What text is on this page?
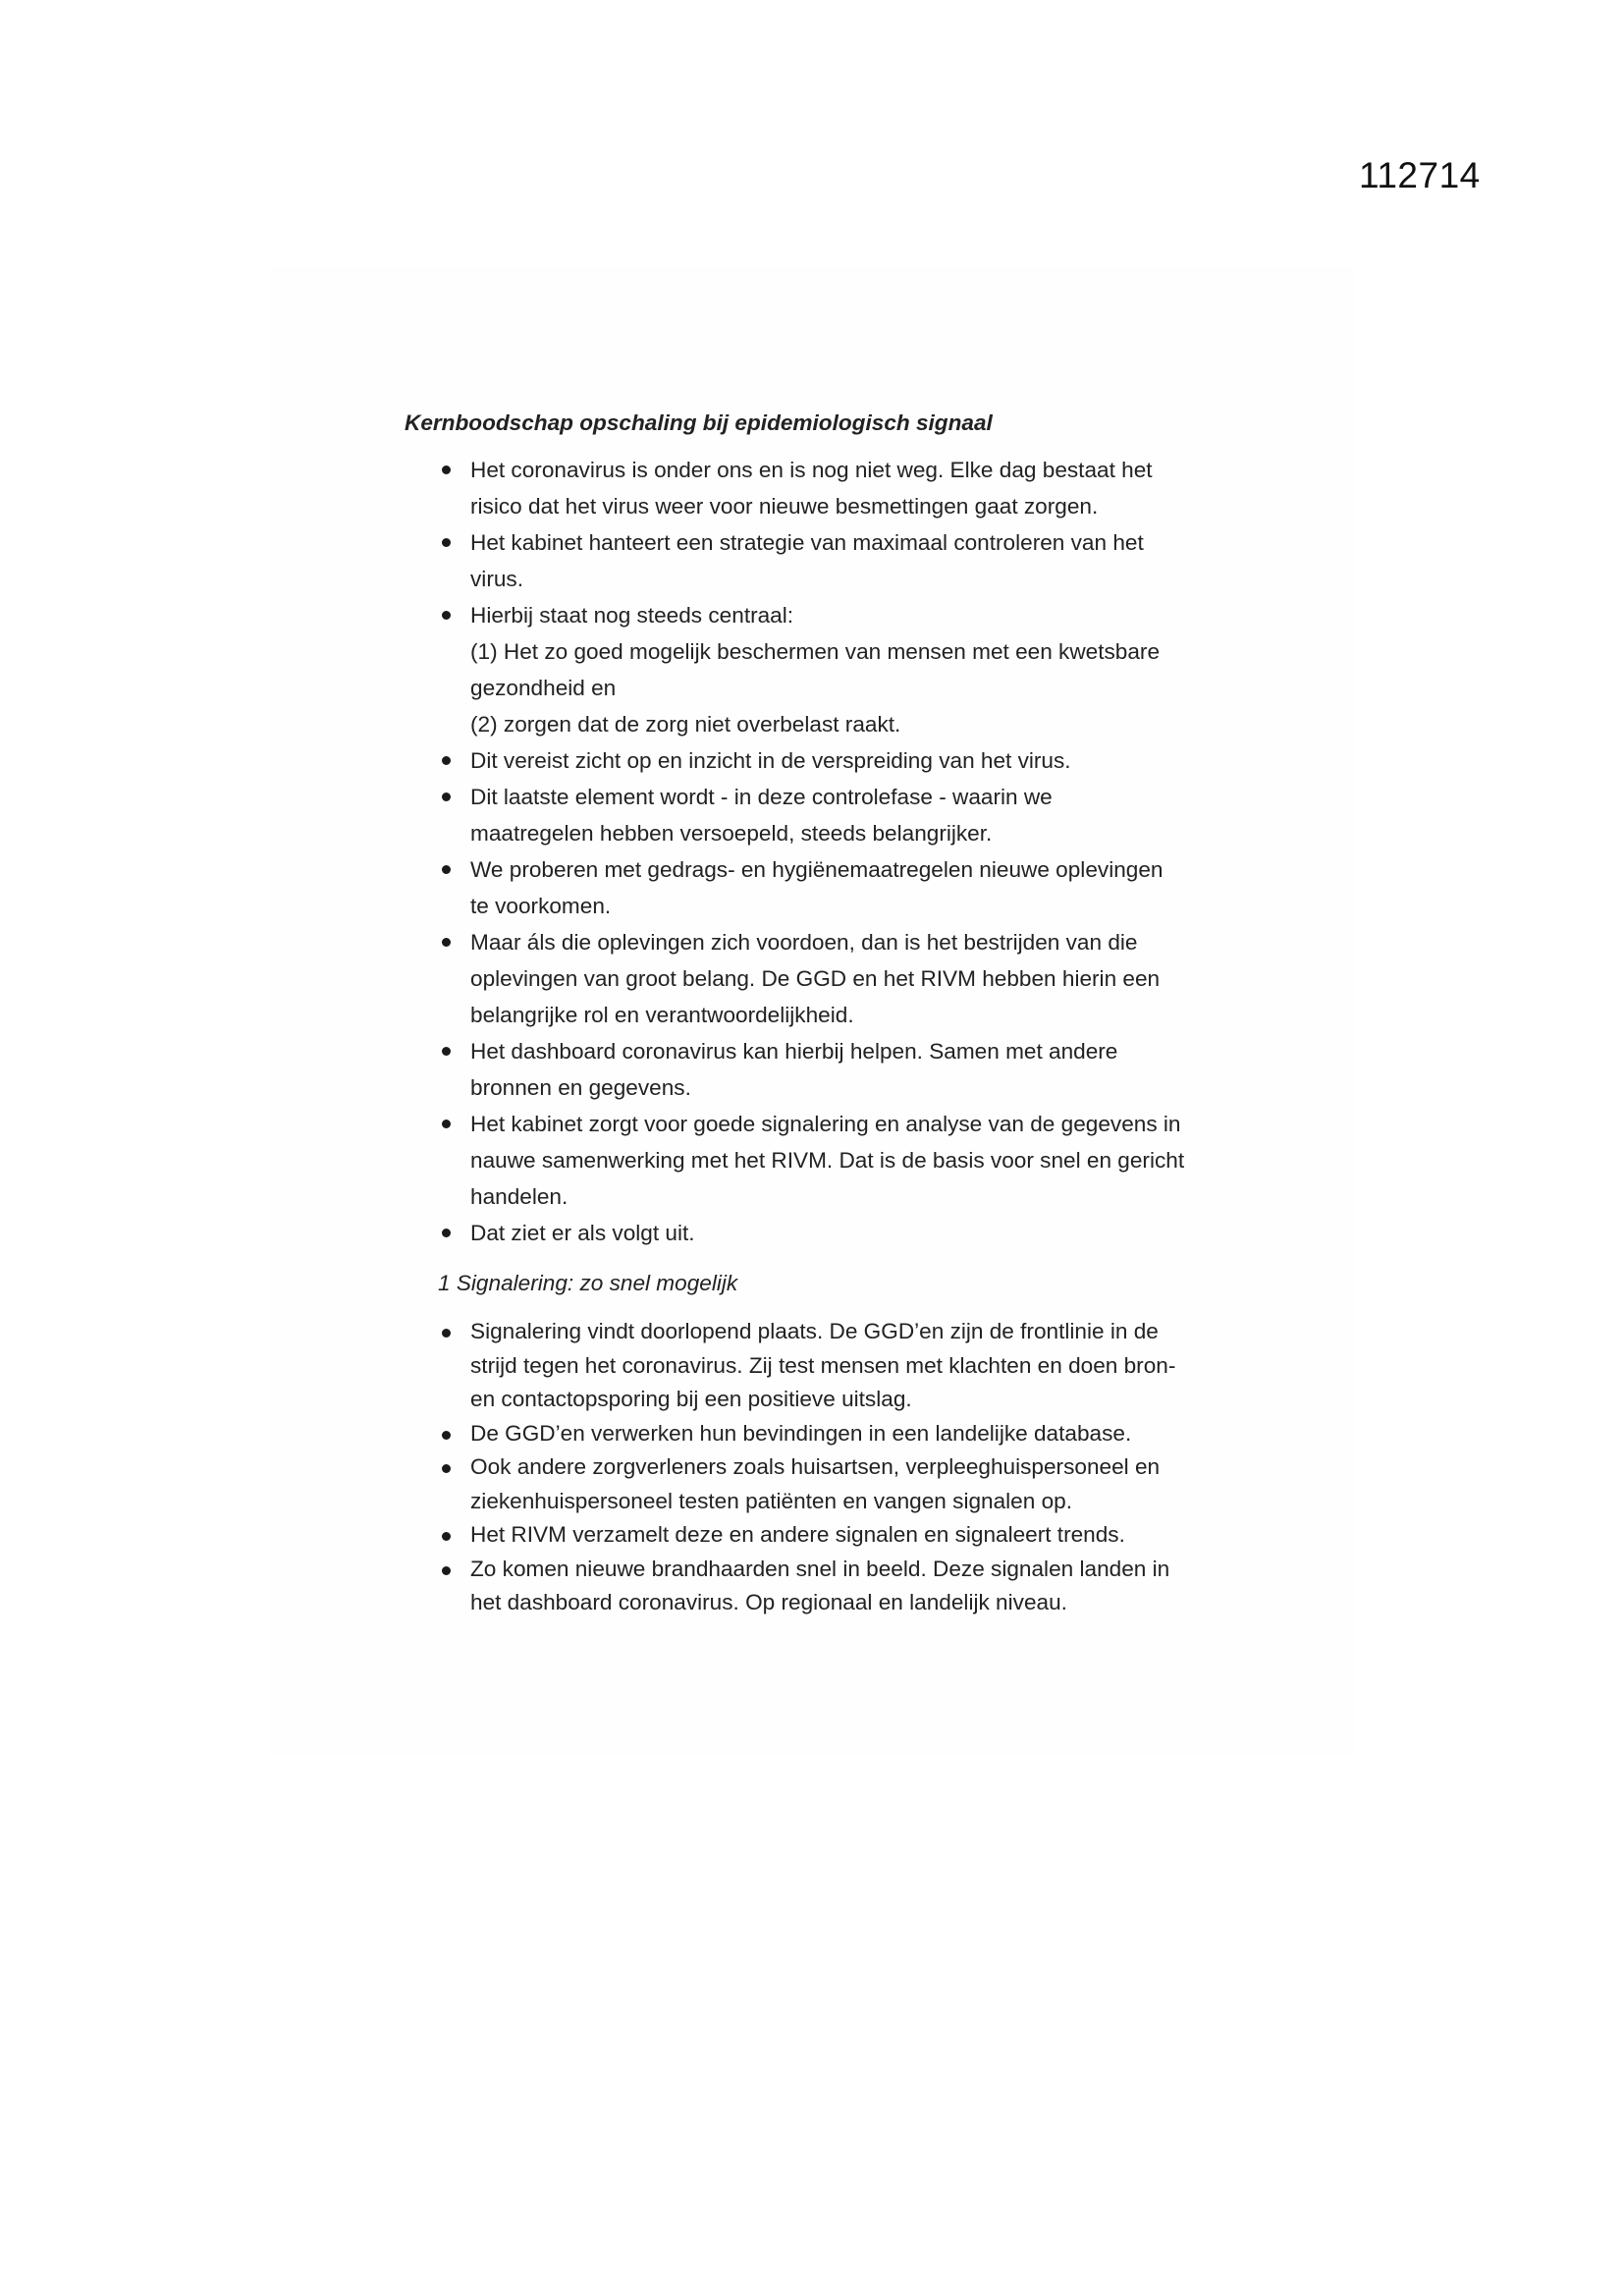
112714
Kernboodschap opschaling bij epidemiologisch signaal
Het coronavirus is onder ons en is nog niet weg. Elke dag bestaat het
risico dat het virus weer voor nieuwe besmettingen gaat zorgen.
Het kabinet hanteert een strategie van maximaal controleren van het
virus.
Hierbij staat nog steeds centraal:
(1) Het zo goed mogelijk beschermen van mensen met een kwetsbare
gezondheid en
(2) zorgen dat de zorg niet overbelast raakt.
Dit vereist zicht op en inzicht in de verspreiding van het virus.
Dit laatste element wordt - in deze controlefase - waarin we
maatregelen hebben versoepeld, steeds belangrijker.
We proberen met gedrags- en hygiënemaatregelen nieuwe oplevingen
te voorkomen.
Maar áls die oplevingen zich voordoen, dan is het bestrijden van die
oplevingen van groot belang. De GGD en het RIVM hebben hierin een
belangrijke rol en verantwoordelijkheid.
Het dashboard coronavirus kan hierbij helpen. Samen met andere
bronnen en gegevens.
Het kabinet zorgt voor goede signalering en analyse van de gegevens in
nauwe samenwerking met het RIVM. Dat is de basis voor snel en gericht
handelen.
Dat ziet er als volgt uit.
1 Signalering: zo snel mogelijk
Signalering vindt doorlopend plaats. De GGD’en zijn de frontlinie in de
strijd tegen het coronavirus. Zij test mensen met klachten en doen bron-
en contactopsporing bij een positieve uitslag.
De GGD’en verwerken hun bevindingen in een landelijke database.
Ook andere zorgverleners zoals huisartsen, verpleeghuispersoneel en
ziekenhuispersoneel testen patiënten en vangen signalen op.
Het RIVM verzamelt deze en andere signalen en signaleert trends.
Zo komen nieuwe brandhaarden snel in beeld. Deze signalen landen in
het dashboard coronavirus. Op regionaal en landelijk niveau.
